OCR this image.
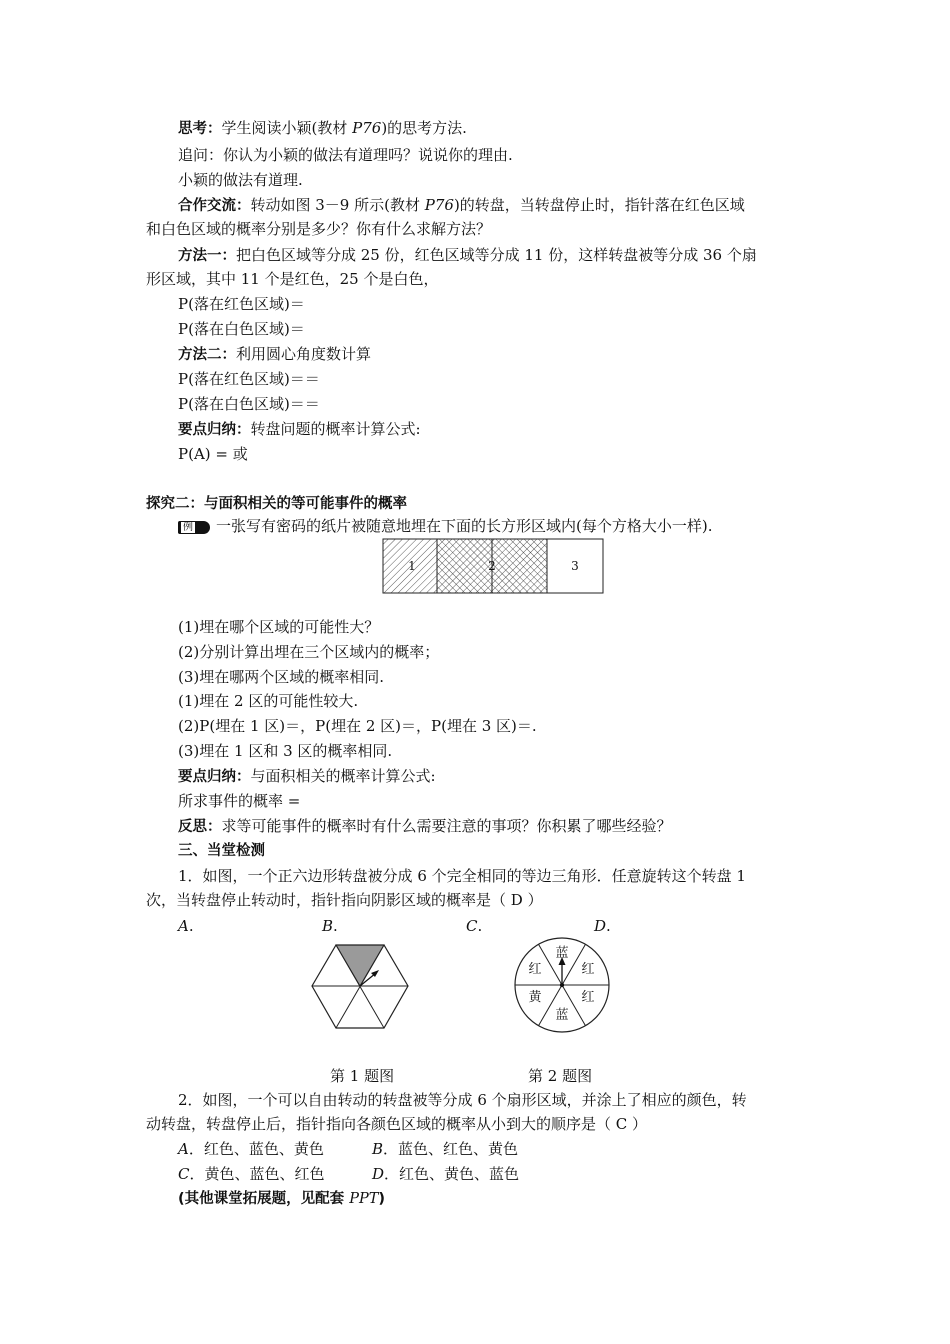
思考：学生阅读小颖(教材 P76)的思考方法.
追问：你认为小颖的做法有道理吗？说说你的理由.
小颖的做法有道理.
合作交流：转动如图 3－9 所示(教材 P76)的转盘，当转盘停止时，指针落在红色区域
和白色区域的概率分别是多少？你有什么求解方法？
方法一：把白色区域等分成 25 份，红色区域等分成 11 份，这样转盘被等分成 36 个扇
形区域，其中 11 个是红色，25 个是白色，
P(落在红色区域)＝
P(落在白色区域)＝
方法二：利用圆心角度数计算
P(落在红色区域)＝＝
P(落在白色区域)＝＝
要点归纳：转盘问题的概率计算公式:
P(A) = 或
探究二：与面积相关的等可能事件的概率
例 一张写有密码的纸片被随意地埋在下面的长方形区域内(每个方格大小一样).
1	2	3
(1)埋在哪个区域的可能性大？
(2)分别计算出埋在三个区域内的概率；
(3)埋在哪两个区域的概率相同.
(1)埋在 2 区的可能性较大.
(2)P(埋在 1 区)＝，P(埋在 2 区)＝，P(埋在 3 区)＝.
(3)埋在 1 区和 3 区的概率相同.
要点归纳：与面积相关的概率计算公式:
所求事件的概率 =
反思：求等可能事件的概率时有什么需要注意的事项？你积累了哪些经验？
三、当堂检测
1．如图，一个正六边形转盘被分成 6 个完全相同的等边三角形．任意旋转这个转盘 1
次，当转盘停止转动时，指针指向阴影区域的概率是（ D ）
A.	B.	C.	D.
蓝
红
红
红
蓝
黄
第 1 题图	第 2 题图
2．如图，一个可以自由转动的转盘被等分成 6 个扇形区域，并涂上了相应的颜色，转
动转盘，转盘停止后，指针指向各颜色区域的概率从小到大的顺序是（ C ）
A．红色、蓝色、黄色	B．蓝色、红色、黄色
C．黄色、蓝色、红色	D．红色、黄色、蓝色
(其他课堂拓展题，见配套 PPT)
